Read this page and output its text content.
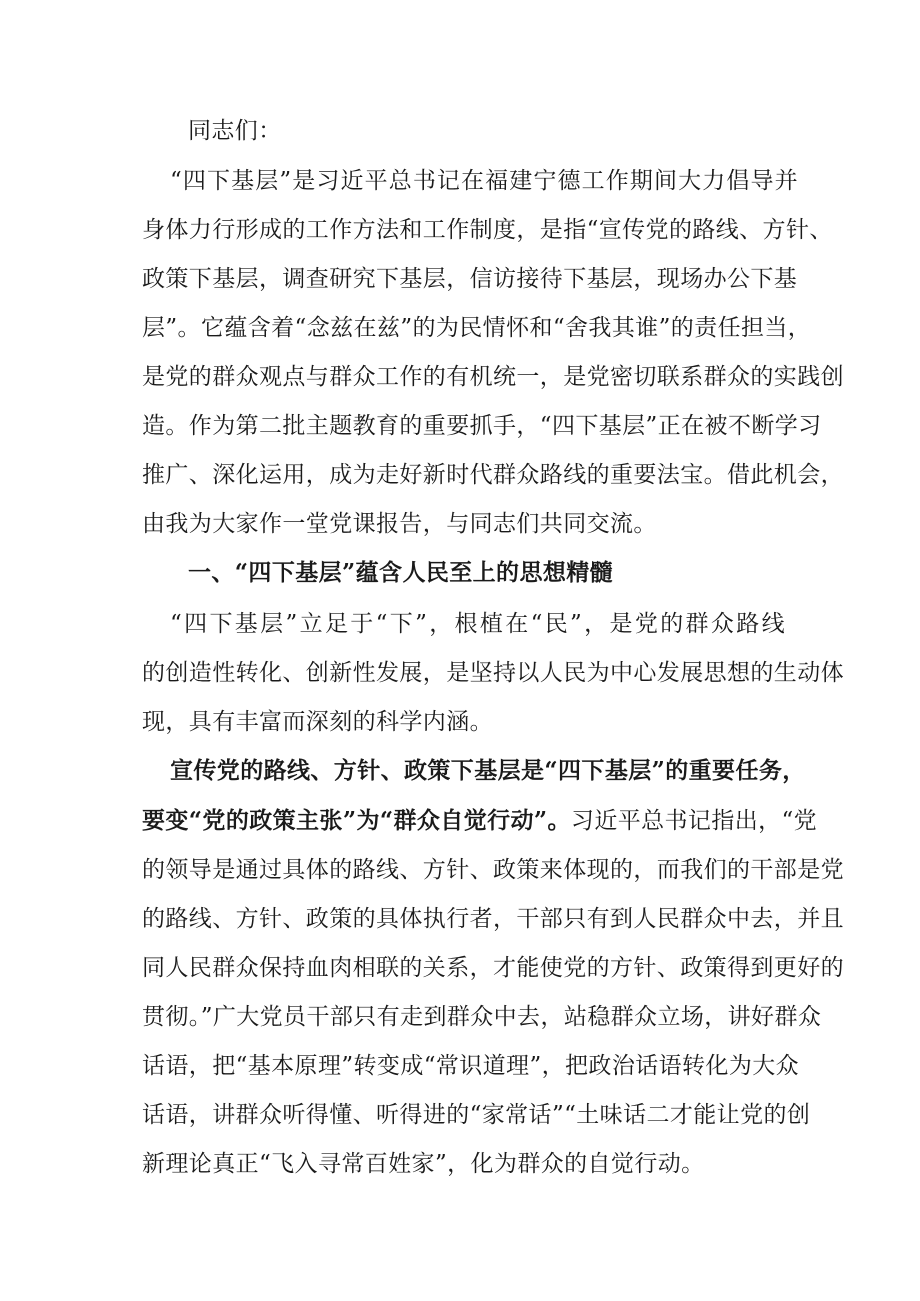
同志们：
“四下基层”是习近平总书记在福建宁德工作期间大力倡导并
身体力行形成的工作方法和工作制度，是指“宣传党的路线、方针、
政策下基层，调查研究下基层，信访接待下基层，现场办公下基
层”。它蕴含着“念兹在兹”的为民情怀和“舍我其谁”的责任担当，
是党的群众观点与群众工作的有机统一，是党密切联系群众的实践创
造。作为第二批主题教育的重要抓手，“四下基层”正在被不断学习
推广、深化运用，成为走好新时代群众路线的重要法宝。借此机会，
由我为大家作一堂党课报告，与同志们共同交流。
一、“四下基层”蕴含人民至上的思想精髓
“四下基层”立足于“下”，根植在“民”，是党的群众路线
的创造性转化、创新性发展，是坚持以人民为中心发展思想的生动体
现，具有丰富而深刻的科学内涵。
宣传党的路线、方针、政策下基层是“四下基层”的重要任务，
要变“党的政策主张”为“群众自觉行动”。习近平总书记指出，“党
的领导是通过具体的路线、方针、政策来体现的，而我们的干部是党
的路线、方针、政策的具体执行者，干部只有到人民群众中去，并且
同人民群众保持血肉相联的关系，才能使党的方针、政策得到更好的
贯彻。”广大党员干部只有走到群众中去，站稳群众立场，讲好群众
话语，把“基本原理”转变成“常识道理”，把政治话语转化为大众
话语，讲群众听得懂、听得进的“家常话”“土味话二才能让党的创
新理论真正“飞入寻常百姓家”，化为群众的自觉行动。
